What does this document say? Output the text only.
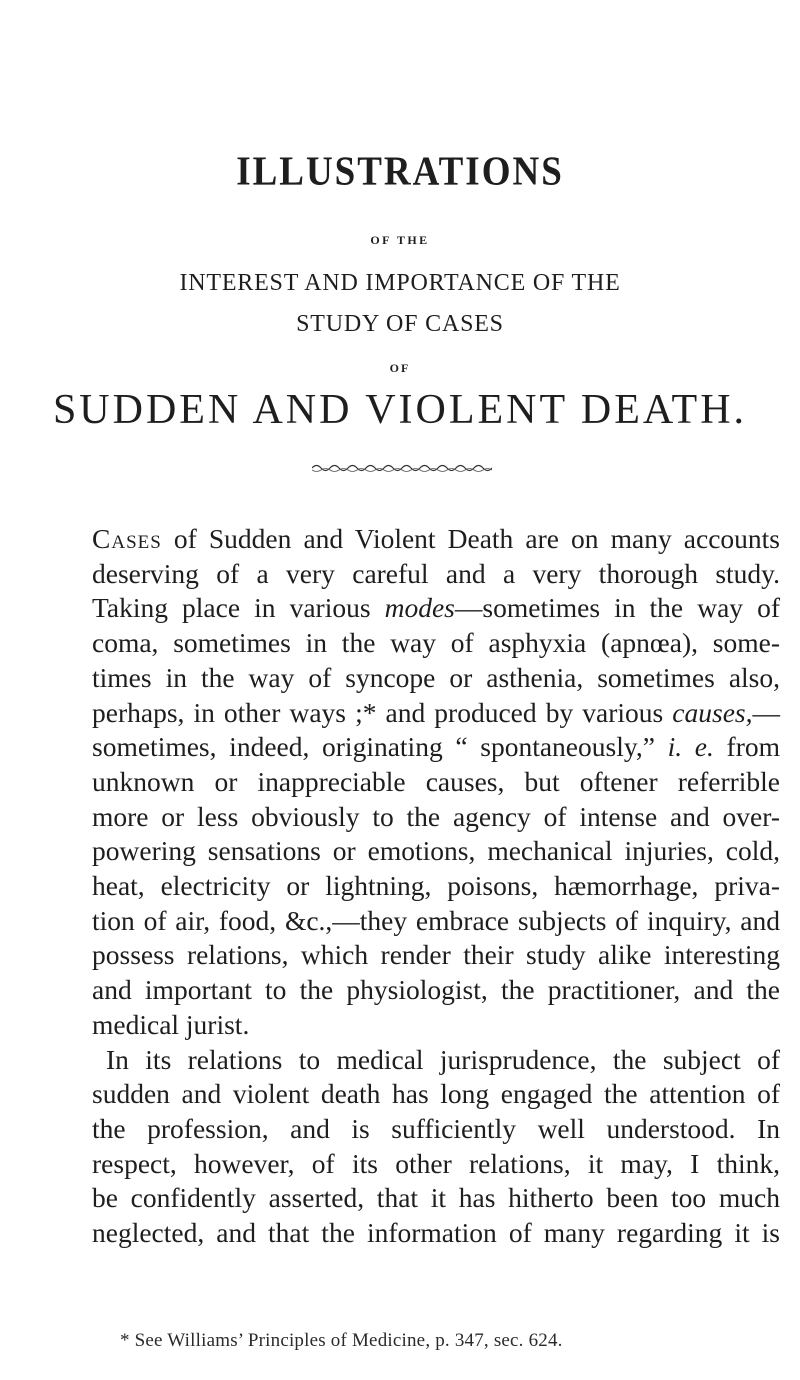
ILLUSTRATIONS
OF THE
INTEREST AND IMPORTANCE OF THE
STUDY OF CASES
OF
SUDDEN AND VIOLENT DEATH.
Cases of Sudden and Violent Death are on many accounts
deserving of a very careful and a very thorough study.
Taking place in various modes—sometimes in the way of
coma, sometimes in the way of asphyxia (apnœa), some-
times in the way of syncope or asthenia, sometimes also,
perhaps, in other ways ;* and produced by various causes,—
sometimes, indeed, originating “ spontaneously,” i. e. from
unknown or inappreciable causes, but oftener referrible
more or less obviously to the agency of intense and over-
powering sensations or emotions, mechanical injuries, cold,
heat, electricity or lightning, poisons, hæmorrhage, priva-
tion of air, food, &c.,—they embrace subjects of inquiry, and
possess relations, which render their study alike interesting
and important to the physiologist, the practitioner, and the
medical jurist.
In its relations to medical jurisprudence, the subject of
sudden and violent death has long engaged the attention of
the profession, and is sufficiently well understood. In
respect, however, of its other relations, it may, I think,
be confidently asserted, that it has hitherto been too much
neglected, and that the information of many regarding it is
* See Williams’ Principles of Medicine, p. 347, sec. 624.
